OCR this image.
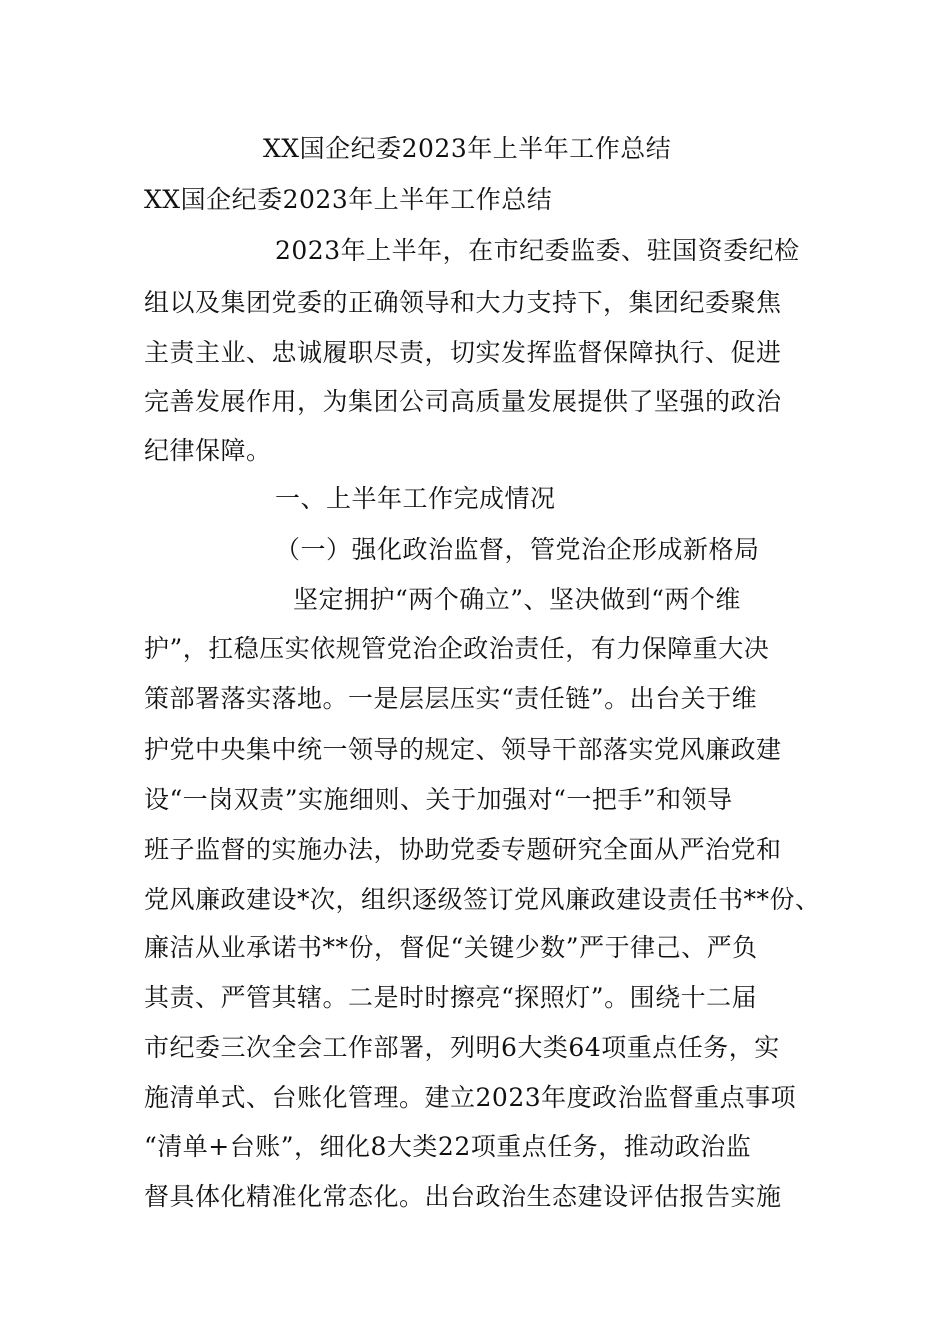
XX国企纪委2023年上半年工作总结
XX国企纪委2023年上半年工作总结
2023年上半年，在市纪委监委、驻国资委纪检
组以及集团党委的正确领导和大力支持下，集团纪委聚焦
主责主业、忠诚履职尽责，切实发挥监督保障执行、促进
完善发展作用，为集团公司高质量发展提供了坚强的政治
纪律保障。
一、上半年工作完成情况
（一）强化政治监督，管党治企形成新格局
坚定拥护“两个确立”、坚决做到“两个维
护”，扛稳压实依规管党治企政治责任，有力保障重大决
策部署落实落地。一是层层压实“责任链”。出台关于维
护党中央集中统一领导的规定、领导干部落实党风廉政建
设“一岗双责”实施细则、关于加强对“一把手”和领导
班子监督的实施办法，协助党委专题研究全面从严治党和
党风廉政建设*次，组织逐级签订党风廉政建设责任书**份、
廉洁从业承诺书**份，督促“关键少数”严于律己、严负
其责、严管其辖。二是时时擦亮“探照灯”。围绕十二届
市纪委三次全会工作部署，列明6大类64项重点任务，实
施清单式、台账化管理。建立2023年度政治监督重点事项
“清单+台账”，细化8大类22项重点任务，推动政治监
督具体化精准化常态化。出台政治生态建设评估报告实施
